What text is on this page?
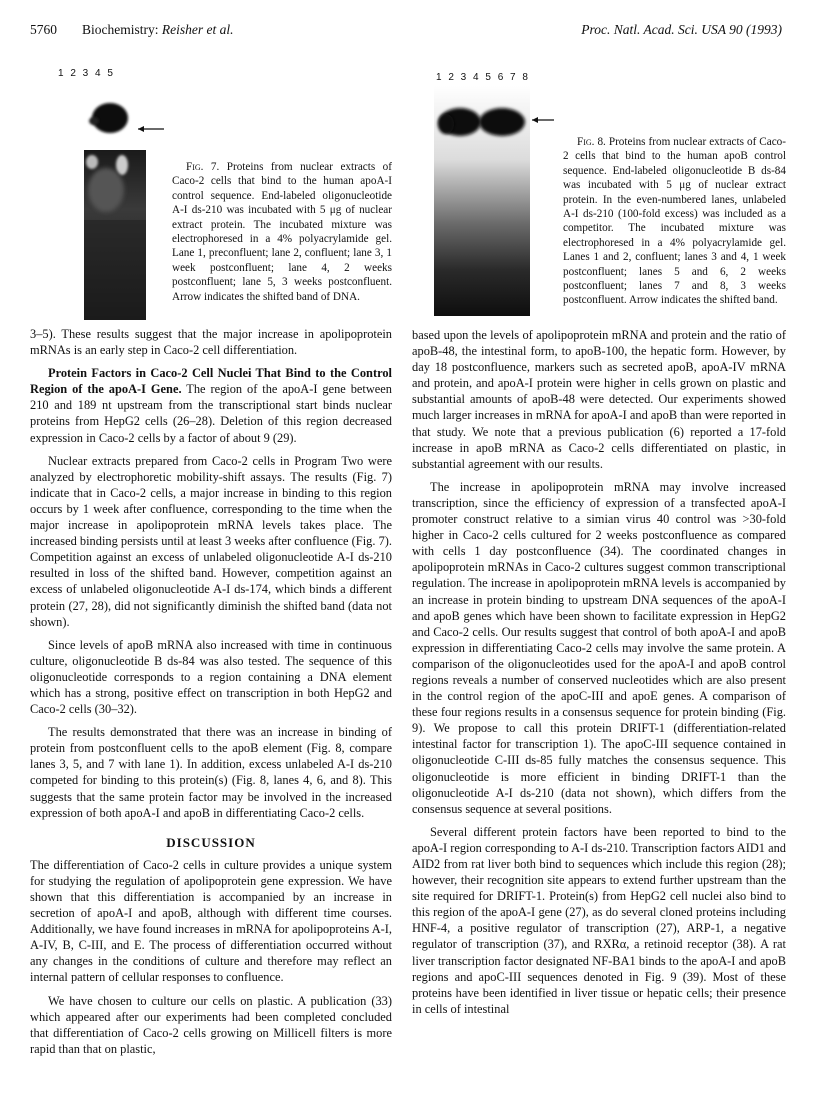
5760 Biochemistry: Reisher et al.	Proc. Natl. Acad. Sci. USA 90 (1993)
1 2 3 4 5

Fig. 7. Proteins from nuclear extracts of Caco-2 cells that bind to the human apoA-I control sequence. End-labeled oligonucleotide A-I ds-210 was incubated with 5 μg of nuclear extract protein. The incubated mixture was electrophoresed in a 4% polyacrylamide gel. Lane 1, preconfluent; lane 2, confluent; lane 3, 1 week postconfluent; lane 4, 2 weeks postconfluent; lane 5, 3 weeks postconfluent. Arrow indicates the shifted band of DNA.

1 2 3 4 5 6 7 8

Fig. 8. Proteins from nuclear extracts of Caco-2 cells that bind to the human apoB control sequence. End-labeled oligonucleotide B ds-84 was incubated with 5 μg of nuclear extract protein. In the even-numbered lanes, unlabeled A-I ds-210 (100-fold excess) was included as a competitor. The incubated mixture was electrophoresed in a 4% polyacrylamide gel. Lanes 1 and 2, confluent; lanes 3 and 4, 1 week postconfluent; lanes 5 and 6, 2 weeks postconfluent; lanes 7 and 8, 3 weeks postconfluent. Arrow indicates the shifted band.

3–5). These results suggest that the major increase in apolipoprotein mRNAs is an early step in Caco-2 cell differentiation.

Protein Factors in Caco-2 Cell Nuclei That Bind to the Control Region of the apoA-I Gene. The region of the apoA-I gene between 210 and 189 nt upstream from the transcriptional start binds nuclear proteins from HepG2 cells (26–28). Deletion of this region decreased expression in Caco-2 cells by a factor of about 9 (29).

Nuclear extracts prepared from Caco-2 cells in Program Two were analyzed by electrophoretic mobility-shift assays. The results (Fig. 7) indicate that in Caco-2 cells, a major increase in binding to this region occurs by 1 week after confluence, corresponding to the time when the major increase in apolipoprotein mRNA levels takes place. The increased binding persists until at least 3 weeks after confluence (Fig. 7). Competition against an excess of unlabeled oligonucleotide A-I ds-210 resulted in loss of the shifted band. However, competition against an excess of unlabeled oligonucleotide A-I ds-174, which binds a different protein (27, 28), did not significantly diminish the shifted band (data not shown).

Since levels of apoB mRNA also increased with time in continuous culture, oligonucleotide B ds-84 was also tested. The sequence of this oligonucleotide corresponds to a region containing a DNA element which has a strong, positive effect on transcription in both HepG2 and Caco-2 cells (30–32).

The results demonstrated that there was an increase in binding of protein from postconfluent cells to the apoB element (Fig. 8, compare lanes 3, 5, and 7 with lane 1). In addition, excess unlabeled A-I ds-210 competed for binding to this protein(s) (Fig. 8, lanes 4, 6, and 8). This suggests that the same protein factor may be involved in the increased expression of both apoA-I and apoB in differentiating Caco-2 cells.

DISCUSSION

The differentiation of Caco-2 cells in culture provides a unique system for studying the regulation of apolipoprotein gene expression. We have shown that this differentiation is accompanied by an increase in secretion of apoA-I and apoB, although with different time courses. Additionally, we have found increases in mRNA for apolipoproteins A-I, A-IV, B, C-III, and E. The process of differentiation occurred without any changes in the conditions of culture and therefore may reflect an internal pattern of cellular responses to confluence.

We have chosen to culture our cells on plastic. A publication (33) which appeared after our experiments had been completed concluded that differentiation of Caco-2 cells growing on Millicell filters is more rapid than that on plastic,

based upon the levels of apolipoprotein mRNA and protein and the ratio of apoB-48, the intestinal form, to apoB-100, the hepatic form. However, by day 18 postconfluence, markers such as secreted apoB, apoA-IV mRNA and protein, and apoA-I protein were higher in cells grown on plastic and substantial amounts of apoB-48 were detected. Our experiments showed much larger increases in mRNA for apoA-I and apoB than were reported in that study. We note that a previous publication (6) reported a 17-fold increase in apoB mRNA as Caco-2 cells differentiated on plastic, in substantial agreement with our results.

The increase in apolipoprotein mRNA may involve increased transcription, since the efficiency of expression of a transfected apoA-I promoter construct relative to a simian virus 40 control was >30-fold higher in Caco-2 cells cultured for 2 weeks postconfluence as compared with cells 1 day postconfluence (34). The coordinated changes in apolipoprotein mRNAs in Caco-2 cultures suggest common transcriptional regulation. The increase in apolipoprotein mRNA levels is accompanied by an increase in protein binding to upstream DNA sequences of the apoA-I and apoB genes which have been shown to facilitate expression in HepG2 and Caco-2 cells. Our results suggest that control of both apoA-I and apoB expression in differentiating Caco-2 cells may involve the same protein. A comparison of the oligonucleotides used for the apoA-I and apoB control regions reveals a number of conserved nucleotides which are also present in the control region of the apoC-III and apoE genes. A comparison of these four regions results in a consensus sequence for protein binding (Fig. 9). We propose to call this protein DRIFT-1 (differentiation-related intestinal factor for transcription 1). The apoC-III sequence contained in oligonucleotide C-III ds-85 fully matches the consensus sequence. This oligonucleotide is more efficient in binding DRIFT-1 than the oligonucleotide A-I ds-210 (data not shown), which differs from the consensus sequence at several positions.

Several different protein factors have been reported to bind to the apoA-I region corresponding to A-I ds-210. Transcription factors AID1 and AID2 from rat liver both bind to sequences which include this region (28); however, their recognition site appears to extend further upstream than the site required for DRIFT-1. Protein(s) from HepG2 cell nuclei also bind to this region of the apoA-I gene (27), as do several cloned proteins including HNF-4, a positive regulator of transcription (27), ARP-1, a negative regulator of transcription (37), and RXRα, a retinoid receptor (38). A rat liver transcription factor designated NF-BA1 binds to the apoA-I and apoB regions and apoC-III sequences denoted in Fig. 9 (39). Most of these proteins have been identified in liver tissue or hepatic cells; their presence in cells of intestinal
